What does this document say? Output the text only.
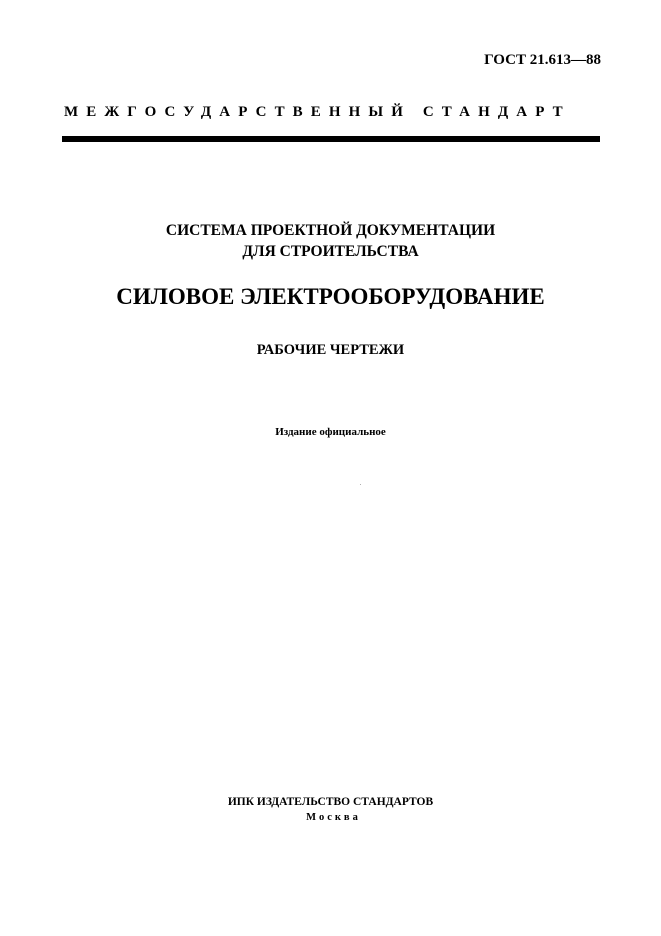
ГОСТ 21.613—88
МЕЖГОСУДАРСТВЕННЫЙ СТАНДАРТ
СИСТЕМА ПРОЕКТНОЙ ДОКУМЕНТАЦИИ
ДЛЯ СТРОИТЕЛЬСТВА
СИЛОВОЕ ЭЛЕКТРООБОРУДОВАНИЕ
РАБОЧИЕ ЧЕРТЕЖИ
Издание официальное
ИПК ИЗДАТЕЛЬСТВО СТАНДАРТОВ
Москва
